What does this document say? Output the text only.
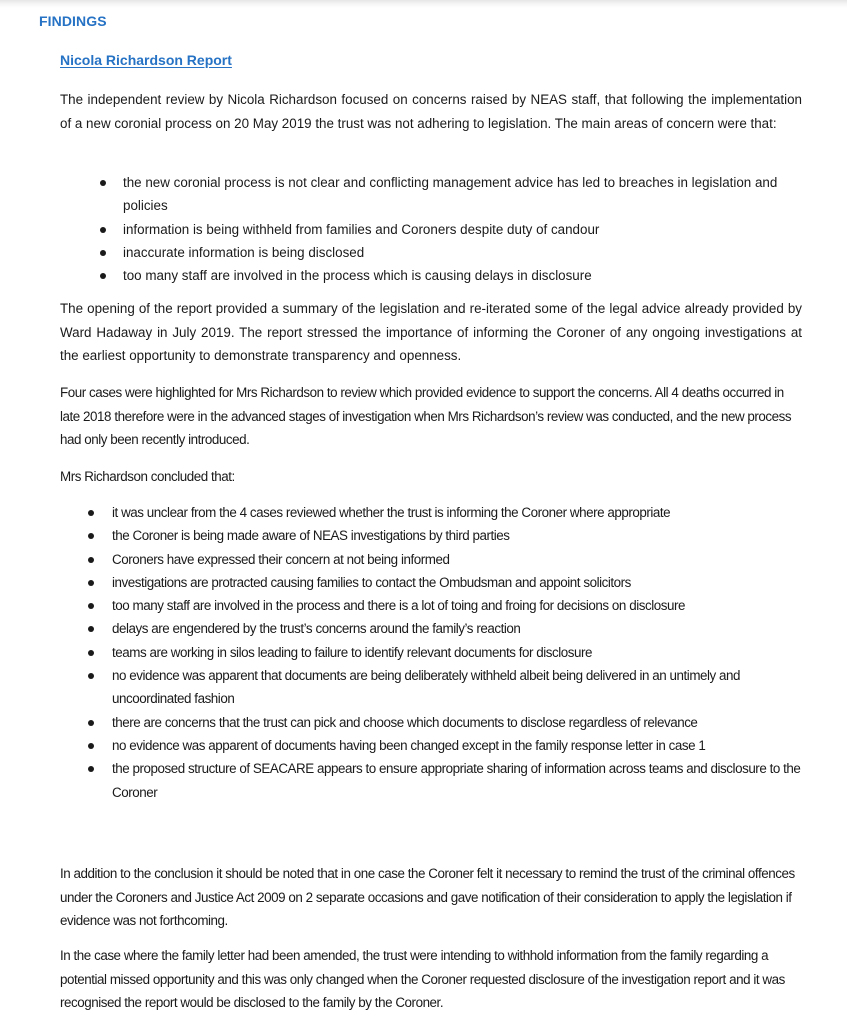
FINDINGS
Nicola Richardson Report

The independent review by Nicola Richardson focused on concerns raised by NEAS staff, that following the implementation of a new coronial process on 20 May 2019 the trust was not adhering to legislation. The main areas of concern were that:

the new coronial process is not clear and conflicting management advice has led to breaches in legislation and policies
information is being withheld from families and Coroners despite duty of candour
inaccurate information is being disclosed
too many staff are involved in the process which is causing delays in disclosure

The opening of the report provided a summary of the legislation and re-iterated some of the legal advice already provided by Ward Hadaway in July 2019. The report stressed the importance of informing the Coroner of any ongoing investigations at the earliest opportunity to demonstrate transparency and openness.

Four cases were highlighted for Mrs Richardson to review which provided evidence to support the concerns. All 4 deaths occurred in late 2018 therefore were in the advanced stages of investigation when Mrs Richardson’s review was conducted, and the new process had only been recently introduced.

Mrs Richardson concluded that:

it was unclear from the 4 cases reviewed whether the trust is informing the Coroner where appropriate
the Coroner is being made aware of NEAS investigations by third parties
Coroners have expressed their concern at not being informed
investigations are protracted causing families to contact the Ombudsman and appoint solicitors
too many staff are involved in the process and there is a lot of toing and froing for decisions on disclosure
delays are engendered by the trust’s concerns around the family’s reaction
teams are working in silos leading to failure to identify relevant documents for disclosure
no evidence was apparent that documents are being deliberately withheld albeit being delivered in an untimely and uncoordinated fashion
there are concerns that the trust can pick and choose which documents to disclose regardless of relevance
no evidence was apparent of documents having been changed except in the family response letter in case 1
the proposed structure of SEACARE appears to ensure appropriate sharing of information across teams and disclosure to the Coroner

In addition to the conclusion it should be noted that in one case the Coroner felt it necessary to remind the trust of the criminal offences under the Coroners and Justice Act 2009 on 2 separate occasions and gave notification of their consideration to apply the legislation if evidence was not forthcoming.

In the case where the family letter had been amended, the trust were intending to withhold information from the family regarding a potential missed opportunity and this was only changed when the Coroner requested disclosure of the investigation report and it was recognised the report would be disclosed to the family by the Coroner.
